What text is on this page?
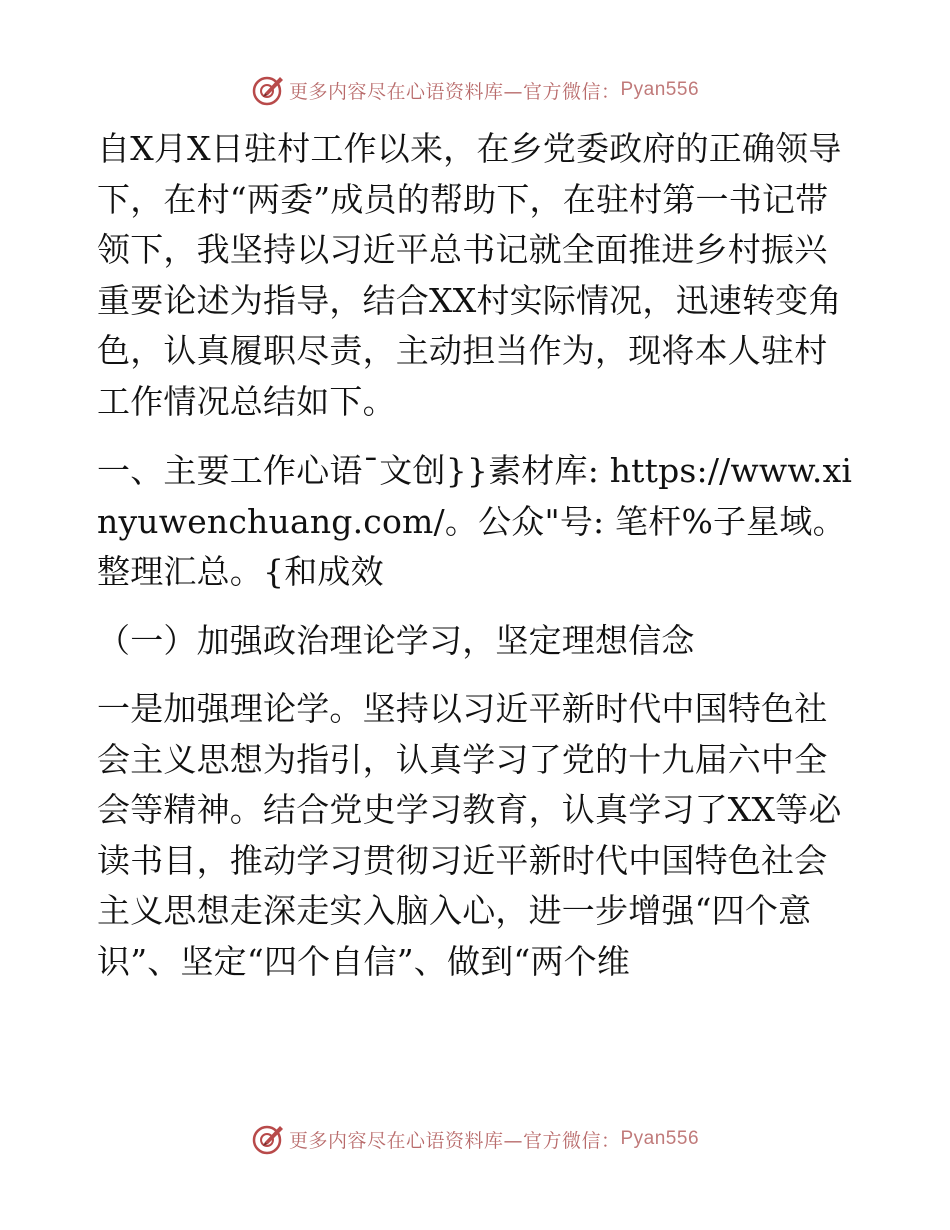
更多内容尽在心语资料库—官方微信： Pyan556

自X月X日驻村工作以来，在乡党委政府的正确领导下，在村“两委”成员的帮助下，在驻村第一书记带领下，我坚持以习近平总书记就全面推进乡村振兴重要论述为指导，结合XX村实际情况，迅速转变角色，认真履职尽责，主动担当作为，现将本人驻村工作情况总结如下。

一、主要工作心语¯文创}}素材库: https://www.xinyuwenchuang.com/。公众"号: 笔杆%子星域。整理汇总。{和成效

（一）加强政治理论学习，坚定理想信念

一是加强理论学。坚持以习近平新时代中国特色社会主义思想为指引，认真学习了党的十九届六中全会等精神。结合党史学习教育，认真学习了XX等必读书目，推动学习贯彻习近平新时代中国特色社会主义思想走深走实入脑入心，进一步增强“四个意识”、坚定“四个自信”、做到“两个维

更多内容尽在心语资料库—官方微信： Pyan556
